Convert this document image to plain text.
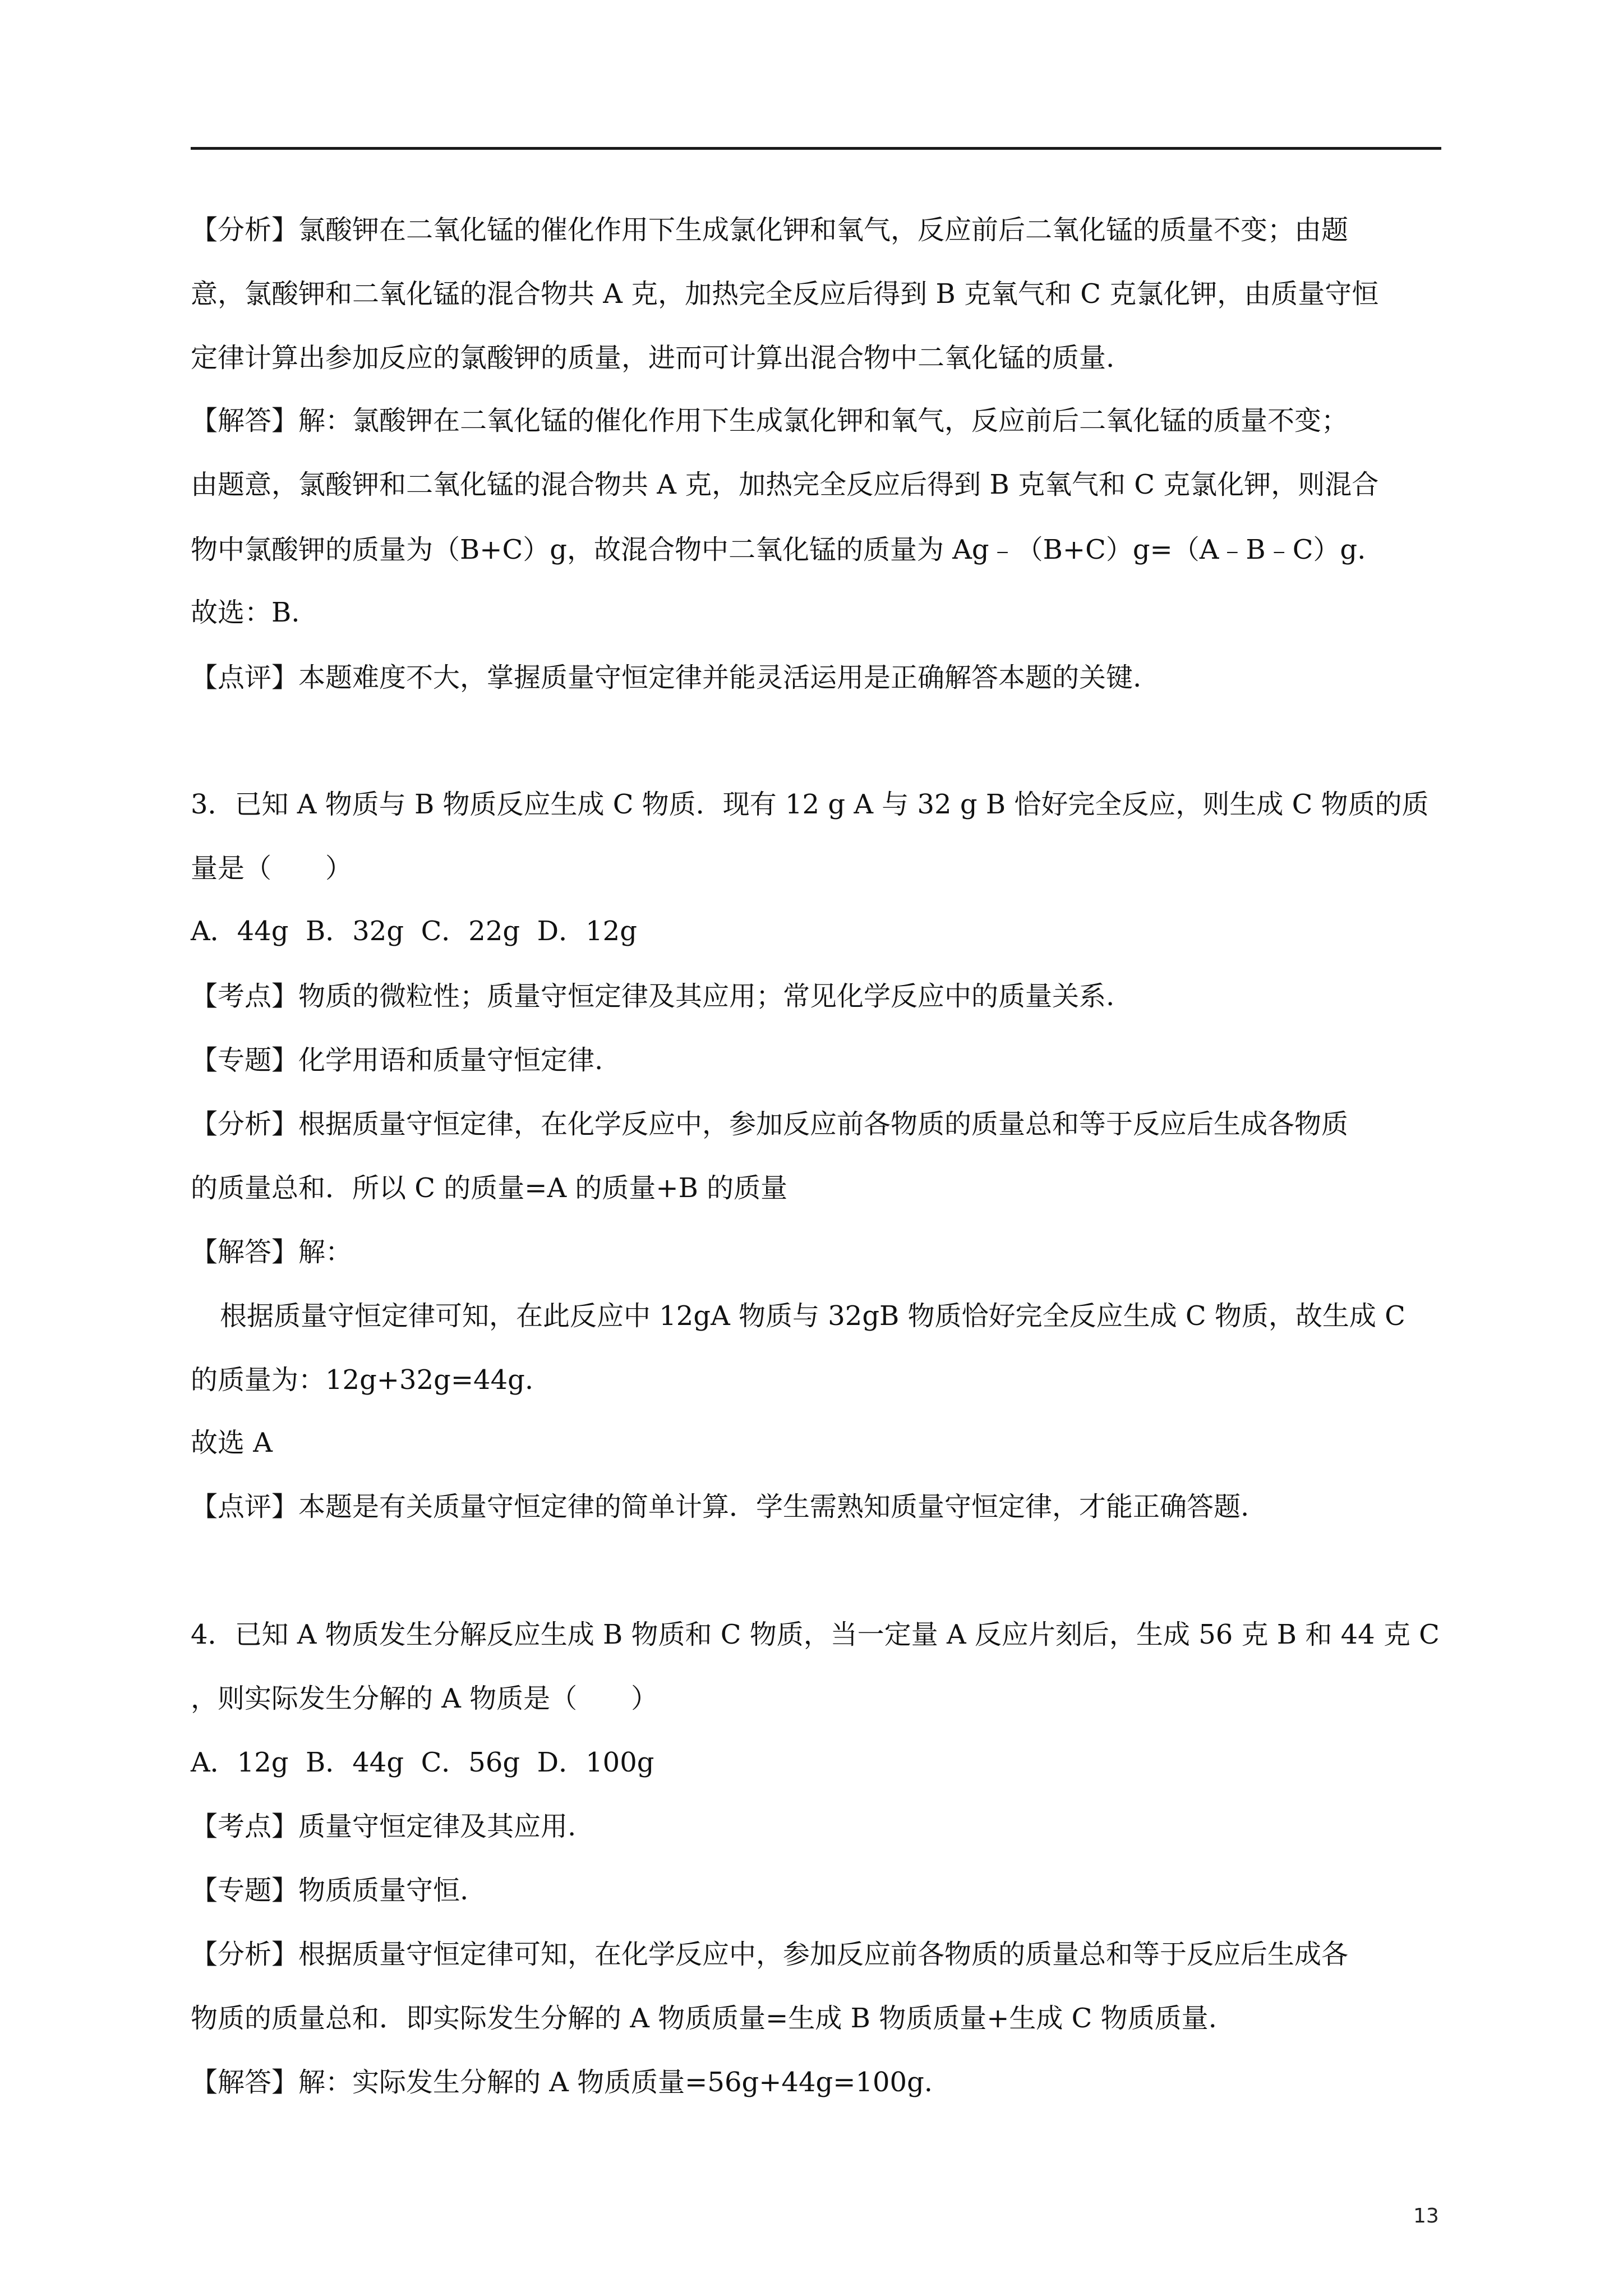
【分析】氯酸钾在二氧化锰的催化作用下生成氯化钾和氧气，反应前后二氧化锰的质量不变；由题
意，氯酸钾和二氧化锰的混合物共 A 克，加热完全反应后得到 B 克氧气和 C 克氯化钾，由质量守恒
定律计算出参加反应的氯酸钾的质量，进而可计算出混合物中二氧化锰的质量.
【解答】解：氯酸钾在二氧化锰的催化作用下生成氯化钾和氧气，反应前后二氧化锰的质量不变；
由题意，氯酸钾和二氧化锰的混合物共 A 克，加热完全反应后得到 B 克氧气和 C 克氯化钾，则混合
物中氯酸钾的质量为（B+C）g，故混合物中二氧化锰的质量为 Ag﹣（B+C）g=（A﹣B﹣C）g.
故选：B.
【点评】本题难度不大，掌握质量守恒定律并能灵活运用是正确解答本题的关键.
3．已知 A 物质与 B 物质反应生成 C 物质．现有 12 g A 与 32 g B 恰好完全反应，则生成 C 物质的质
量是（　　）
A．44g  B．32g  C．22g  D．12g
【考点】物质的微粒性；质量守恒定律及其应用；常见化学反应中的质量关系.
【专题】化学用语和质量守恒定律.
【分析】根据质量守恒定律，在化学反应中，参加反应前各物质的质量总和等于反应后生成各物质
的质量总和．所以 C 的质量=A 的质量+B 的质量
【解答】解：
根据质量守恒定律可知，在此反应中 12gA 物质与 32gB 物质恰好完全反应生成 C 物质，故生成 C
的质量为：12g+32g=44g.
故选 A
【点评】本题是有关质量守恒定律的简单计算．学生需熟知质量守恒定律，才能正确答题.
4．已知 A 物质发生分解反应生成 B 物质和 C 物质，当一定量 A 反应片刻后，生成 56 克 B 和 44 克 C
，则实际发生分解的 A 物质是（　　）
A．12g  B．44g  C．56g  D．100g
【考点】质量守恒定律及其应用.
【专题】物质质量守恒.
【分析】根据质量守恒定律可知，在化学反应中，参加反应前各物质的质量总和等于反应后生成各
物质的质量总和．即实际发生分解的 A 物质质量=生成 B 物质质量+生成 C 物质质量.
【解答】解：实际发生分解的 A 物质质量=56g+44g=100g.
13
